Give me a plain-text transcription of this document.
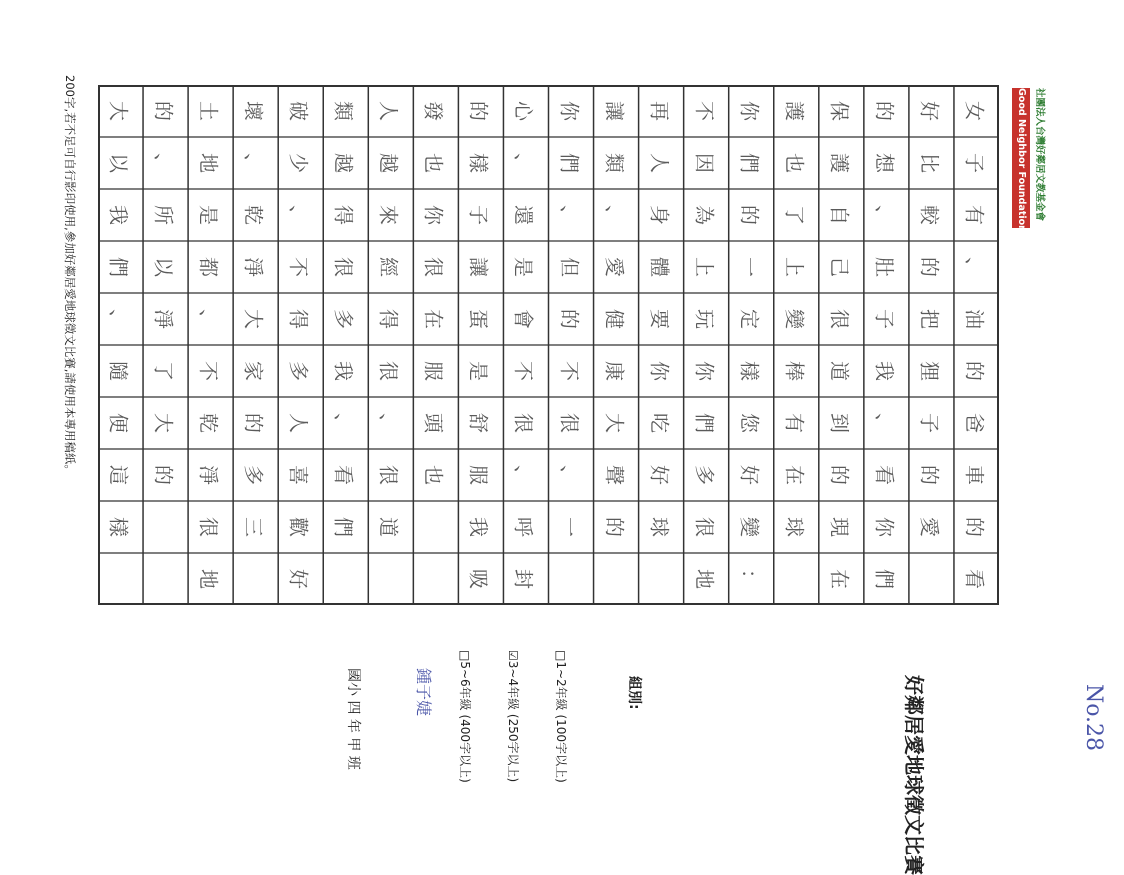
No.28
Good Neighbor Foundation 社團法人台灣好鄰居文教基金會
女
子
有
、
油
的
爸
車
的
看
好
比
較
的
把
狸
子
的
愛
的
想
、
肚
子
我
、
看
你
們
保
護
自
己
很
道
到
的
現
在
護
也
了
上
變
棒
有
在
球
你
們
的
一
定
樣
您
好
變
：
不
因
為
上
玩
你
們
多
很
地
再
人
身
體
要
你
吃
好
球
讓
類
、
愛
健
康
大
聲
的
你
們
、
但
的
不
很
、
一
心
、
還
是
會
不
很
、
呼
封
的
樣
子
讓
蛋
是
舒
服
我
吸
發
也
你
很
在
服
頭
也
人
越
來
經
得
很
、
很
道
類
越
得
很
多
我
、
看
們
破
少
、
不
得
多
人
喜
歡
好
壞
、
乾
淨
大
家
的
多
三
土
地
是
都
、
不
乾
淨
很
地
的
、
所
以
淨
了
大
的
大
以
我
們
、
隨
便
這
樣
200字,若不足可自行影印使用,參加好鄰居愛地球徵文比賽,請使用本專用稿紙。
好鄰居愛地球徵文比賽
組別:
□1~2年級 (100字以上)
☑3~4年級 (250字以上)
□5~6年級 (400字以上)
鍾子婕
國小 四 年 甲 班
